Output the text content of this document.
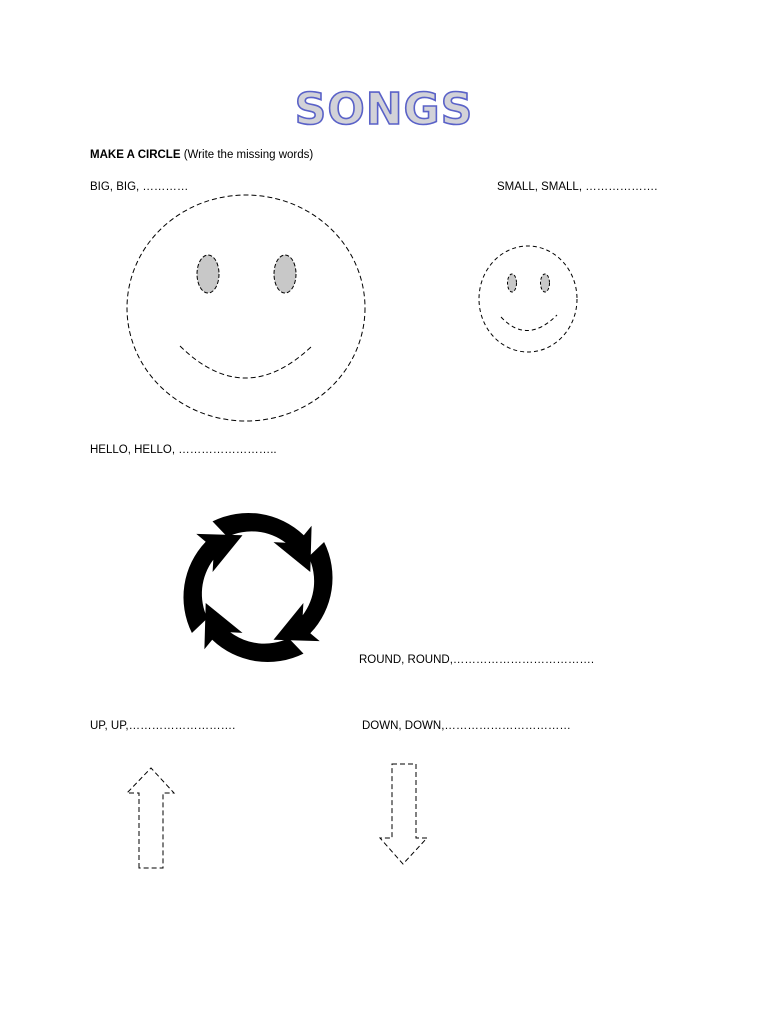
SONGS
MAKE A CIRCLE (Write the missing words)
BIG, BIG, …………	SMALL, SMALL, ……………….
HELLO, HELLO, ……………………..
ROUND, ROUND,……………………………….
UP, UP,……………………….	DOWN, DOWN,……………………………
